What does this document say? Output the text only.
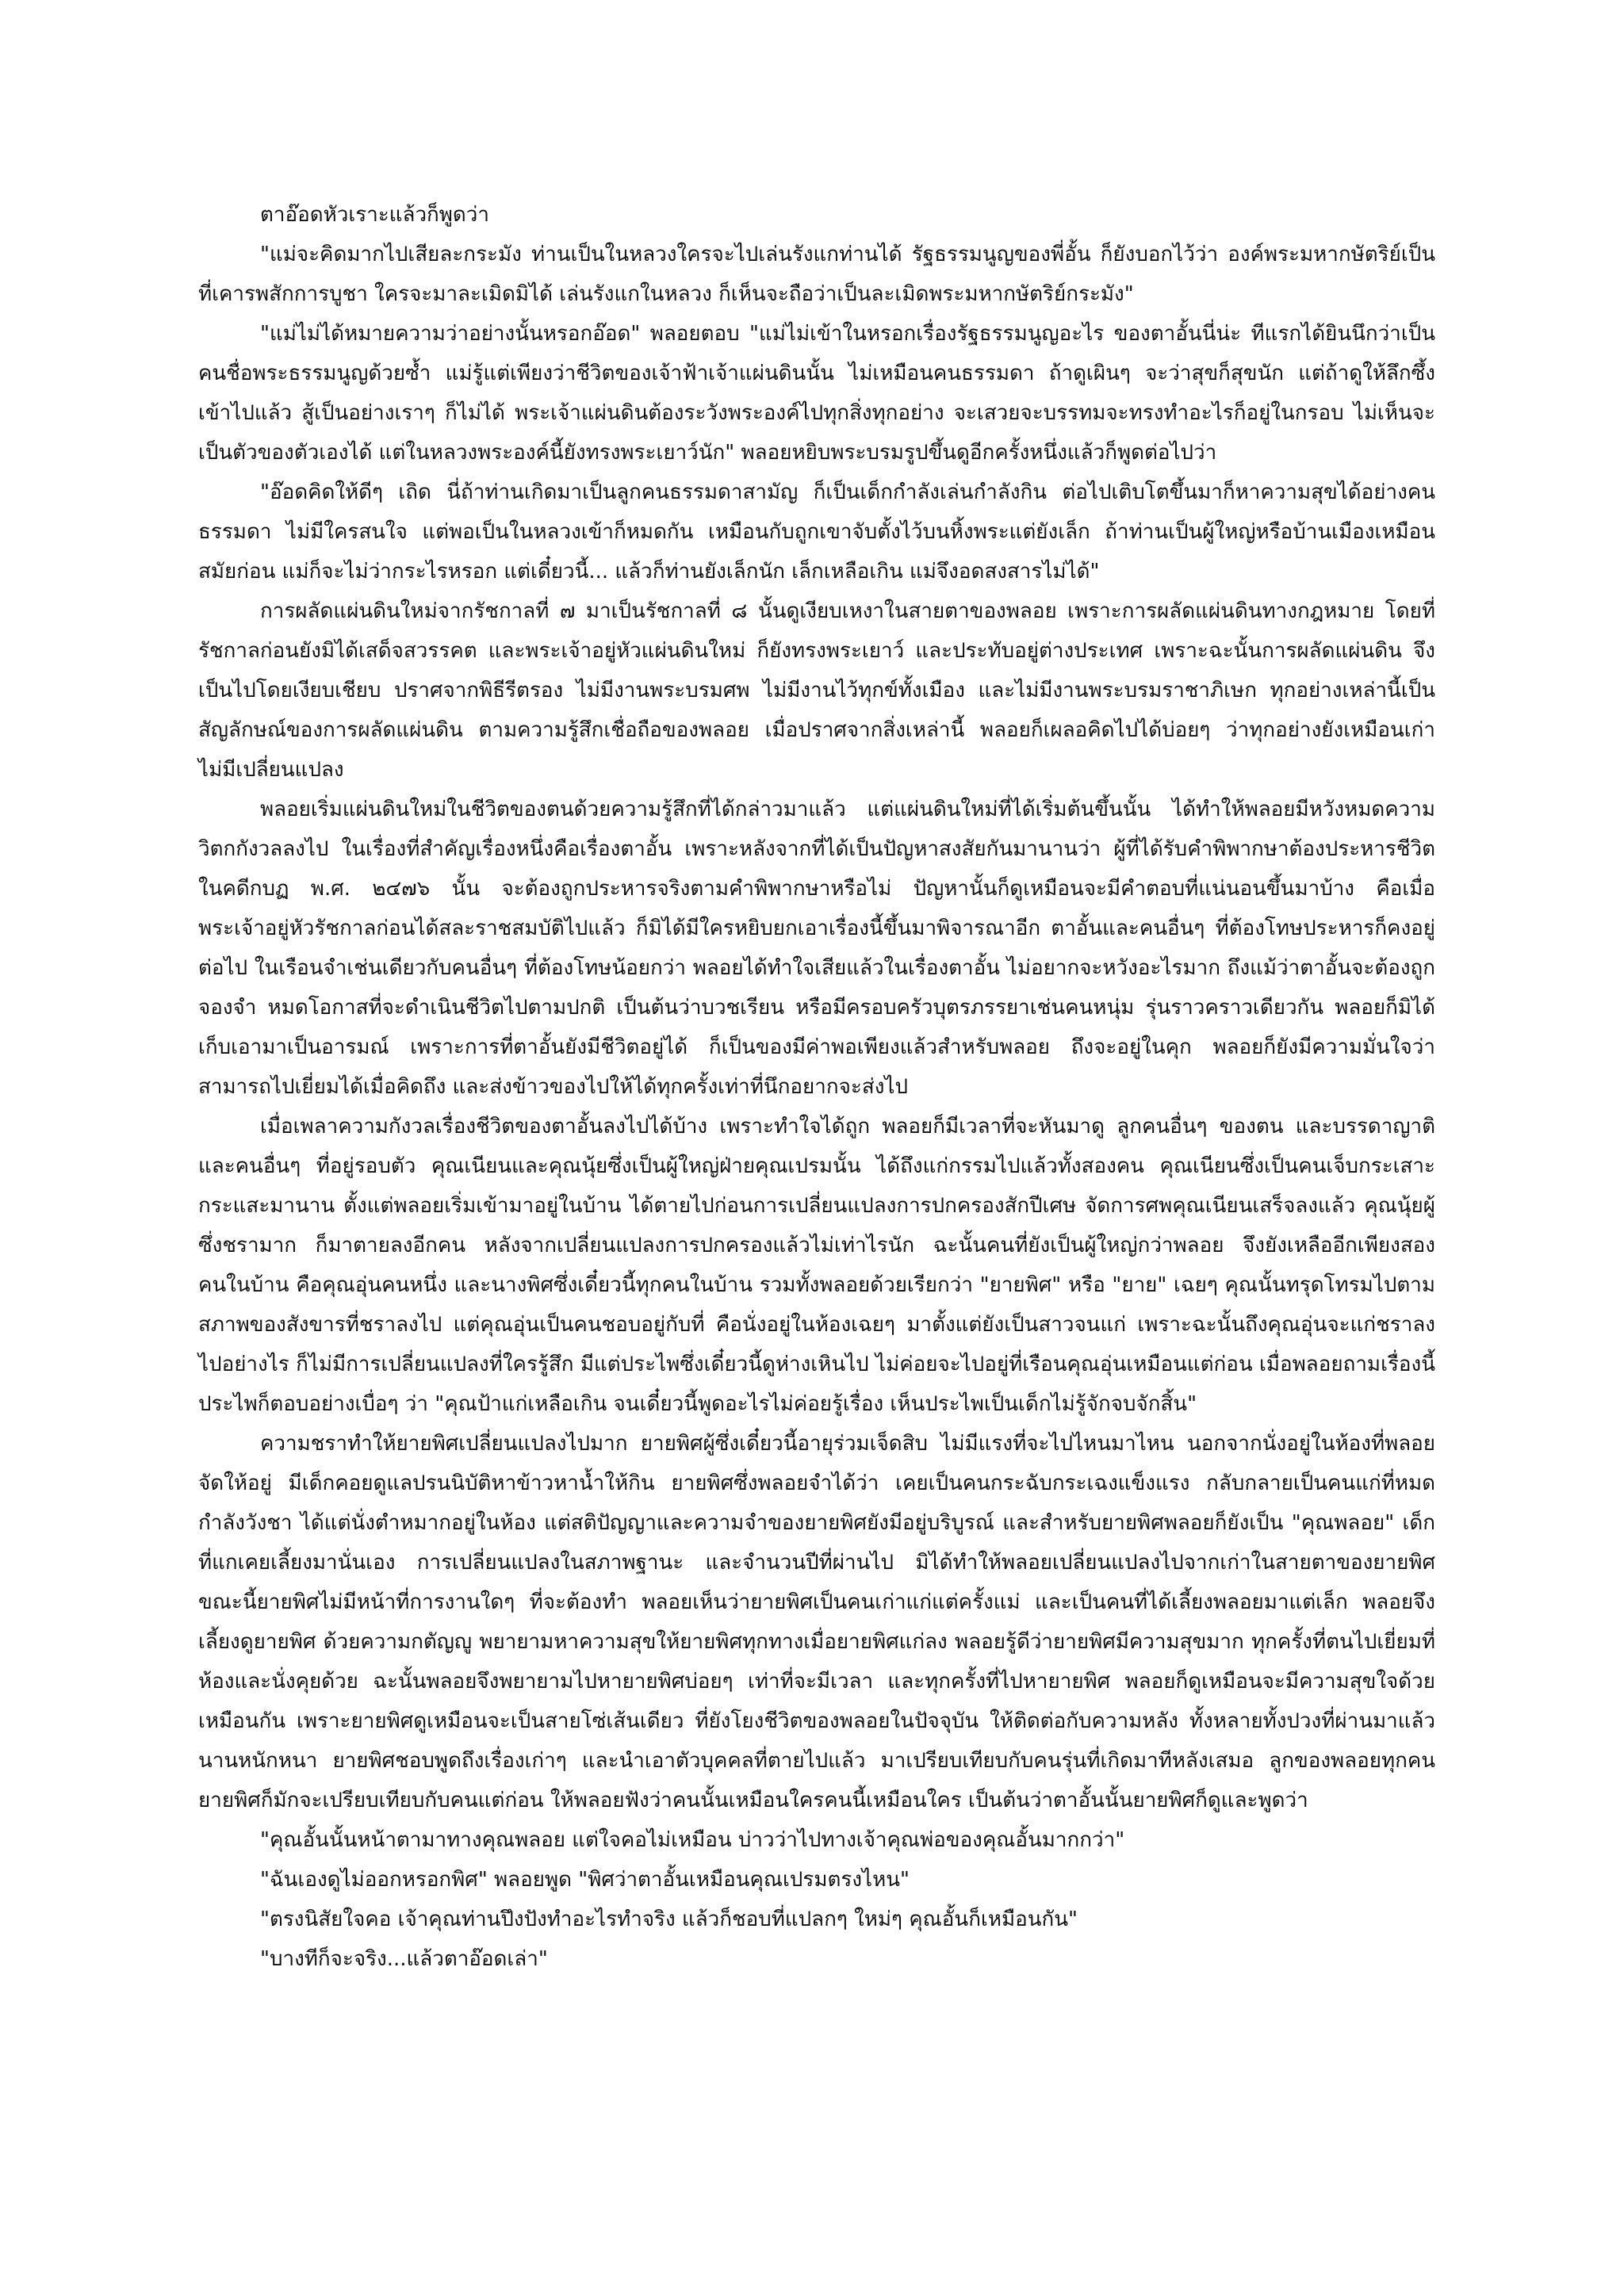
ตาอ๊อดหัวเราะแล้วก็พูดว่า

"แม่จะคิดมากไปเสียละกระมัง ท่านเป็นในหลวงใครจะไปเล่นรังแกท่านได้ รัฐธรรมนูญของพี่อั้น ก็ยังบอกไว้ว่า องค์พระมหากษัตริย์เป็นที่เคารพสักการบูชา ใครจะมาละเมิดมิได้ เล่นรังแกในหลวง ก็เห็นจะถือว่าเป็นละเมิดพระมหากษัตริย์กระมัง"

"แม่ไม่ได้หมายความว่าอย่างนั้นหรอกอ๊อด" พลอยตอบ "แม่ไม่เข้าในหรอกเรื่องรัฐธรรมนูญอะไร ของตาอั้นนี่น่ะ ทีแรกได้ยินนึกว่าเป็นคนชื่อพระธรรมนูญด้วยซ้ำ แม่รู้แต่เพียงว่าชีวิตของเจ้าฟ้าเจ้าแผ่นดินนั้น ไม่เหมือนคนธรรมดา ถ้าดูเผินๆ จะว่าสุขก็สุขนัก แต่ถ้าดูให้ลึกซึ้งเข้าไปแล้ว สู้เป็นอย่างเราๆ ก็ไม่ได้ พระเจ้าแผ่นดินต้องระวังพระองค์ไปทุกสิ่งทุกอย่าง จะเสวยจะบรรทมจะทรงทำอะไรก็อยู่ในกรอบ ไม่เห็นจะเป็นตัวของตัวเองได้ แต่ในหลวงพระองค์นี้ยังทรงพระเยาว์นัก" พลอยหยิบพระบรมรูปขึ้นดูอีกครั้งหนึ่งแล้วก็พูดต่อไปว่า

"อ๊อดคิดให้ดีๆ เถิด นี่ถ้าท่านเกิดมาเป็นลูกคนธรรมดาสามัญ ก็เป็นเด็กกำลังเล่นกำลังกิน ต่อไปเติบโตขึ้นมาก็หาความสุขได้อย่างคนธรรมดา ไม่มีใครสนใจ แต่พอเป็นในหลวงเข้าก็หมดกัน เหมือนกับถูกเขาจับตั้งไว้บนหิ้งพระแต่ยังเล็ก ถ้าท่านเป็นผู้ใหญ่หรือบ้านเมืองเหมือนสมัยก่อน แม่ก็จะไม่ว่ากระไรหรอก แต่เดี๋ยวนี้... แล้วก็ท่านยังเล็กนัก เล็กเหลือเกิน แม่จึงอดสงสารไม่ได้"

การผลัดแผ่นดินใหม่จากรัชกาลที่ ๗ มาเป็นรัชกาลที่ ๘ นั้นดูเงียบเหงาในสายตาของพลอย เพราะการผลัดแผ่นดินทางกฎหมาย โดยที่รัชกาลก่อนยังมิได้เสด็จสวรรคต และพระเจ้าอยู่หัวแผ่นดินใหม่ ก็ยังทรงพระเยาว์ และประทับอยู่ต่างประเทศ เพราะฉะนั้นการผลัดแผ่นดิน จึงเป็นไปโดยเงียบเชียบ ปราศจากพิธีรีตรอง ไม่มีงานพระบรมศพ ไม่มีงานไว้ทุกข์ทั้งเมือง และไม่มีงานพระบรมราชาภิเษก ทุกอย่างเหล่านี้เป็นสัญลักษณ์ของการผลัดแผ่นดิน ตามความรู้สึกเชื่อถือของพลอย เมื่อปราศจากสิ่งเหล่านี้ พลอยก็เผลอคิดไปได้บ่อยๆ ว่าทุกอย่างยังเหมือนเก่าไม่มีเปลี่ยนแปลง

พลอยเริ่มแผ่นดินใหม่ในชีวิตของตนด้วยความรู้สึกที่ได้กล่าวมาแล้ว แต่แผ่นดินใหม่ที่ได้เริ่มต้นขึ้นนั้น ได้ทำให้พลอยมีหวังหมดความวิตกกังวลลงไป ในเรื่องที่สำคัญเรื่องหนึ่งคือเรื่องตาอั้น เพราะหลังจากที่ได้เป็นปัญหาสงสัยกันมานานว่า ผู้ที่ได้รับคำพิพากษาต้องประหารชีวิต ในคดีกบฏ พ.ศ. ๒๔๗๖ นั้น จะต้องถูกประหารจริงตามคำพิพากษาหรือไม่ ปัญหานั้นก็ดูเหมือนจะมีคำตอบที่แน่นอนขึ้นมาบ้าง คือเมื่อพระเจ้าอยู่หัวรัชกาลก่อนได้สละราชสมบัติไปแล้ว ก็มิได้มีใครหยิบยกเอาเรื่องนี้ขึ้นมาพิจารณาอีก ตาอั้นและคนอื่นๆ ที่ต้องโทษประหารก็คงอยู่ต่อไป ในเรือนจำเช่นเดียวกับคนอื่นๆ ที่ต้องโทษน้อยกว่า พลอยได้ทำใจเสียแล้วในเรื่องตาอั้น ไม่อยากจะหวังอะไรมาก ถึงแม้ว่าตาอั้นจะต้องถูกจองจำ หมดโอกาสที่จะดำเนินชีวิตไปตามปกติ เป็นต้นว่าบวชเรียน หรือมีครอบครัวบุตรภรรยาเช่นคนหนุ่ม รุ่นราวคราวเดียวกัน พลอยก็มิได้เก็บเอามาเป็นอารมณ์ เพราะการที่ตาอั้นยังมีชีวิตอยู่ได้ ก็เป็นของมีค่าพอเพียงแล้วสำหรับพลอย ถึงจะอยู่ในคุก พลอยก็ยังมีความมั่นใจว่าสามารถไปเยี่ยมได้เมื่อคิดถึง และส่งข้าวของไปให้ได้ทุกครั้งเท่าที่นึกอยากจะส่งไป

เมื่อเพลาความกังวลเรื่องชีวิตของตาอั้นลงไปได้บ้าง เพราะทำใจได้ถูก พลอยก็มีเวลาที่จะหันมาดู ลูกคนอื่นๆ ของตน และบรรดาญาติและคนอื่นๆ ที่อยู่รอบตัว คุณเนียนและคุณนุ้ยซึ่งเป็นผู้ใหญ่ฝ่ายคุณเปรมนั้น ได้ถึงแก่กรรมไปแล้วทั้งสองคน คุณเนียนซึ่งเป็นคนเจ็บกระเสาะกระแสะมานาน ตั้งแต่พลอยเริ่มเข้ามาอยู่ในบ้าน ได้ตายไปก่อนการเปลี่ยนแปลงการปกครองสักปีเศษ จัดการศพคุณเนียนเสร็จลงแล้ว คุณนุ้ยผู้ซึ่งชรามาก ก็มาตายลงอีกคน หลังจากเปลี่ยนแปลงการปกครองแล้วไม่เท่าไรนัก ฉะนั้นคนที่ยังเป็นผู้ใหญ่กว่าพลอย จึงยังเหลืออีกเพียงสองคนในบ้าน คือคุณอุ่นคนหนึ่ง และนางพิศซึ่งเดี๋ยวนี้ทุกคนในบ้าน รวมทั้งพลอยด้วยเรียกว่า "ยายพิศ" หรือ "ยาย" เฉยๆ คุณนั้นทรุดโทรมไปตามสภาพของสังขารที่ชราลงไป แต่คุณอุ่นเป็นคนชอบอยู่กับที่ คือนั่งอยู่ในห้องเฉยๆ มาตั้งแต่ยังเป็นสาวจนแก่ เพราะฉะนั้นถึงคุณอุ่นจะแก่ชราลงไปอย่างไร ก็ไม่มีการเปลี่ยนแปลงที่ใครรู้สึก มีแต่ประไพซึ่งเดี๋ยวนี้ดูห่างเหินไป ไม่ค่อยจะไปอยู่ที่เรือนคุณอุ่นเหมือนแต่ก่อน เมื่อพลอยถามเรื่องนี้ประไพก็ตอบอย่างเบื่อๆ ว่า "คุณป้าแก่เหลือเกิน จนเดี๋ยวนี้พูดอะไรไม่ค่อยรู้เรื่อง เห็นประไพเป็นเด็กไม่รู้จักจบจักสิ้น"

ความชราทำให้ยายพิศเปลี่ยนแปลงไปมาก ยายพิศผู้ซึ่งเดี๋ยวนี้อายุร่วมเจ็ดสิบ ไม่มีแรงที่จะไปไหนมาไหน นอกจากนั่งอยู่ในห้องที่พลอยจัดให้อยู่ มีเด็กคอยดูแลปรนนิบัติหาข้าวหาน้ำให้กิน ยายพิศซึ่งพลอยจำได้ว่า เคยเป็นคนกระฉับกระเฉงแข็งแรง กลับกลายเป็นคนแก่ที่หมดกำลังวังชา ได้แต่นั่งตำหมากอยู่ในห้อง แต่สติปัญญาและความจำของยายพิศยังมีอยู่บริบูรณ์ และสำหรับยายพิศพลอยก็ยังเป็น "คุณพลอย" เด็กที่แกเคยเลี้ยงมานั่นเอง การเปลี่ยนแปลงในสภาพฐานะ และจำนวนปีที่ผ่านไป มิได้ทำให้พลอยเปลี่ยนแปลงไปจากเก่าในสายตาของยายพิศ ขณะนี้ยายพิศไม่มีหน้าที่การงานใดๆ ที่จะต้องทำ พลอยเห็นว่ายายพิศเป็นคนเก่าแก่แต่ครั้งแม่ และเป็นคนที่ได้เลี้ยงพลอยมาแต่เล็ก พลอยจึงเลี้ยงดูยายพิศ ด้วยความกตัญญู พยายามหาความสุขให้ยายพิศทุกทางเมื่อยายพิศแก่ลง พลอยรู้ดีว่ายายพิศมีความสุขมาก ทุกครั้งที่ตนไปเยี่ยมที่ห้องและนั่งคุยด้วย ฉะนั้นพลอยจึงพยายามไปหายายพิศบ่อยๆ เท่าที่จะมีเวลา และทุกครั้งที่ไปหายายพิศ พลอยก็ดูเหมือนจะมีความสุขใจด้วยเหมือนกัน เพราะยายพิศดูเหมือนจะเป็นสายโซ่เส้นเดียว ที่ยังโยงชีวิตของพลอยในปัจจุบัน ให้ติดต่อกับความหลัง ทั้งหลายทั้งปวงที่ผ่านมาแล้วนานหนักหนา ยายพิศชอบพูดถึงเรื่องเก่าๆ และนำเอาตัวบุคคลที่ตายไปแล้ว มาเปรียบเทียบกับคนรุ่นที่เกิดมาทีหลังเสมอ ลูกของพลอยทุกคน ยายพิศก็มักจะเปรียบเทียบกับคนแต่ก่อน ให้พลอยฟังว่าคนนั้นเหมือนใครคนนี้เหมือนใคร เป็นต้นว่าตาอั้นนั้นยายพิศก็ดูและพูดว่า

"คุณอั้นนั้นหน้าตามาทางคุณพลอย แต่ใจคอไม่เหมือน บ่าวว่าไปทางเจ้าคุณพ่อของคุณอั้นมากกว่า"

"ฉันเองดูไม่ออกหรอกพิศ" พลอยพูด "พิศว่าตาอั้นเหมือนคุณเปรมตรงไหน"

"ตรงนิสัยใจคอ เจ้าคุณท่านปึงปังทำอะไรทำจริง แล้วก็ชอบที่แปลกๆ ใหม่ๆ คุณอั้นก็เหมือนกัน"

"บางทีก็จะจริง...แล้วตาอ๊อดเล่า"
